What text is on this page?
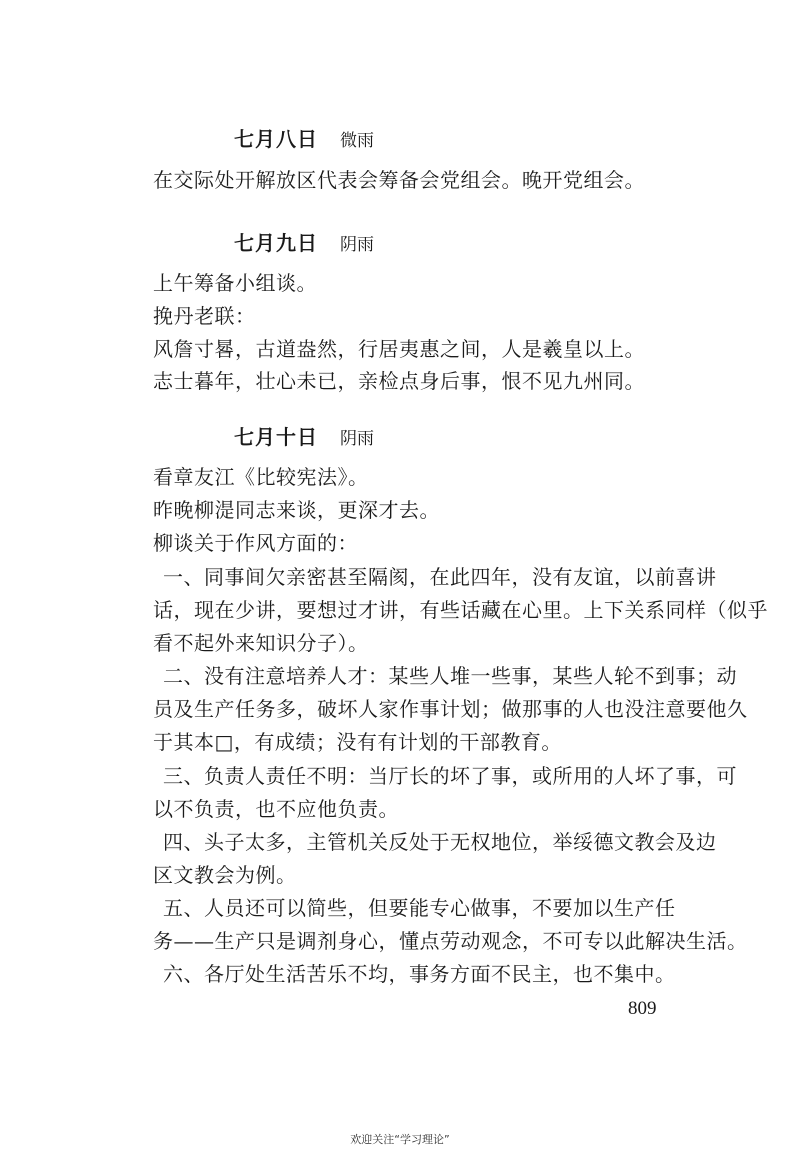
七月八日 微雨
在交际处开解放区代表会筹备会党组会。晚开党组会。
七月九日 阴雨
上午筹备小组谈。
挽丹老联：
风詹寸晷，古道盎然，行居夷惠之间，人是羲皇以上。
志士暮年，壮心未已，亲检点身后事，恨不见九州同。
七月十日 阴雨
看章友江《比较宪法》。
昨晚柳湜同志来谈，更深才去。
柳谈关于作风方面的：
一、同事间欠亲密甚至隔阂，在此四年，没有友谊，以前喜讲
话，现在少讲，要想过才讲，有些话藏在心里。上下关系同样（似乎
看不起外来知识分子）。
二、没有注意培养人才：某些人堆一些事，某些人轮不到事；动
员及生产任务多，破坏人家作事计划；做那事的人也没注意要他久
于其本□，有成绩；没有有计划的干部教育。
三、负责人责任不明：当厅长的坏了事，或所用的人坏了事，可
以不负责，也不应他负责。
四、头子太多，主管机关反处于无权地位，举绥德文教会及边
区文教会为例。
五、人员还可以简些，但要能专心做事，不要加以生产任
务——生产只是调剂身心，懂点劳动观念，不可专以此解决生活。
六、各厅处生活苦乐不均，事务方面不民主，也不集中。
809
欢迎关注“学习理论”
